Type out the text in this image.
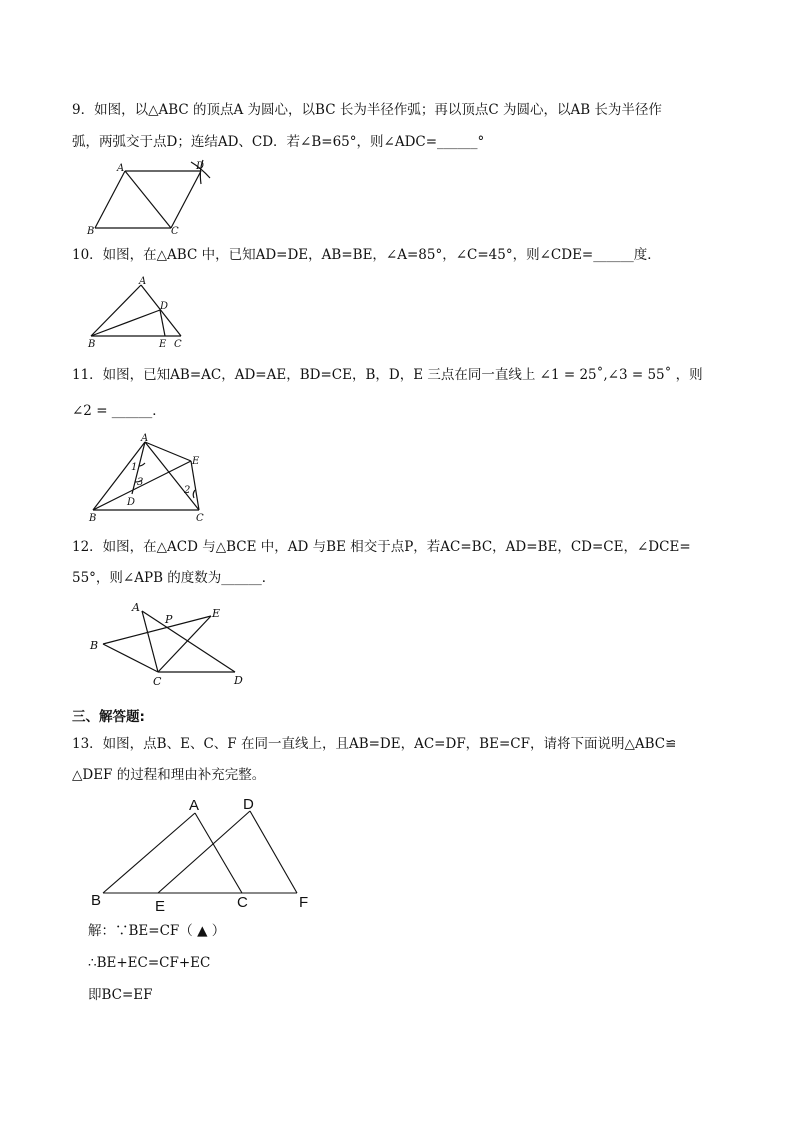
9．如图，以△ABC 的顶点A 为圆心，以BC 长为半径作弧；再以顶点C 为圆心，以AB 长为半径作
弧，两弧交于点D；连结AD、CD．若∠B=65°，则∠ADC=______°
A	D
B	C
10．如图，在△ABC 中，已知AD=DE，AB=BE，∠A=85°，∠C=45°，则∠CDE=______度．
A
D
B	E C
11．如图，已知AB=AC，AD=AE，BD=CE，B，D，E 三点在同一直线上 ∠1 = 25˚,∠3 = 55˚ ，则
∠2 = ______．
A
E
1
3
2
D
B	C
12．如图，在△ACD 与△BCE 中，AD 与BE 相交于点P，若AC=BC，AD=BE，CD=CE，∠DCE=
55°，则∠APB 的度数为______．
A
P	E
B
C	D
三、解答题:
13．如图，点B、E、C、F 在同一直线上，且AB=DE，AC=DF，BE=CF，请将下面说明△ABC≌
△DEF 的过程和理由补充完整。
A	D
B	E	C	F
解：∵BE=CF（ ▲ ）
∴BE+EC=CF+EC
即BC=EF
